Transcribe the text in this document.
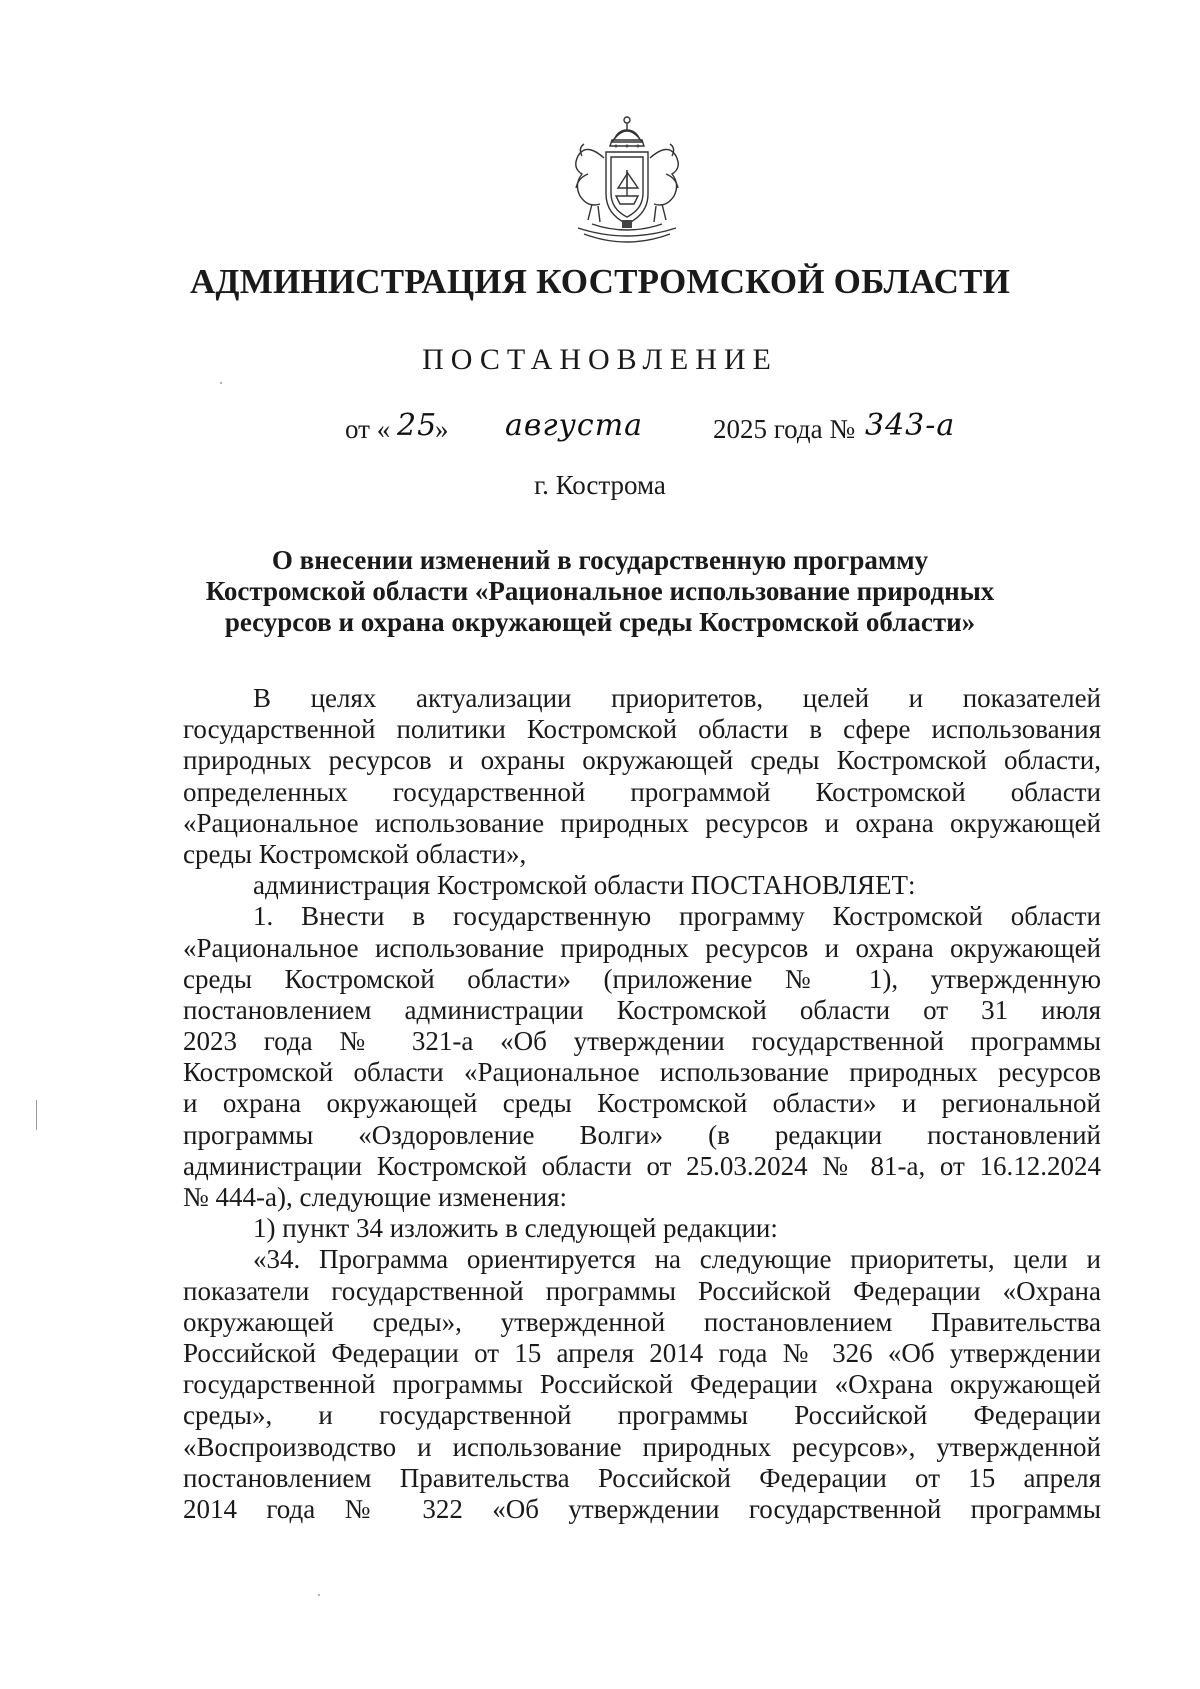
АДМИНИСТРАЦИЯ КОСТРОМСКОЙ ОБЛАСТИ
ПОСТАНОВЛЕНИЕ
от « 25
» августа	2025 года № 343-а
г. Кострома
О внесении изменений в государственную программу
Костромской области «Рациональное использование природных
ресурсов и охрана окружающей среды Костромской области»
В целях актуализации приоритетов, целей и показателей
государственной политики Костромской области в сфере использования
природных ресурсов и охраны окружающей среды Костромской области,
определенных государственной программой Костромской области
«Рациональное использование природных ресурсов и охрана окружающей
среды Костромской области»,
администрация Костромской области ПОСТАНОВЛЯЕТ:
1. Внести в государственную программу Костромской области
«Рациональное использование природных ресурсов и охрана окружающей
среды Костромской области» (приложение № 1), утвержденную
постановлением администрации Костромской области от 31 июля
2023 года № 321-а «Об утверждении государственной программы
Костромской области «Рациональное использование природных ресурсов
и охрана окружающей среды Костромской области» и региональной
программы «Оздоровление Волги» (в редакции постановлений
администрации Костромской области от 25.03.2024 № 81-а, от 16.12.2024
№ 444-а), следующие изменения:
1) пункт 34 изложить в следующей редакции:
«34. Программа ориентируется на следующие приоритеты, цели и
показатели государственной программы Российской Федерации «Охрана
окружающей среды», утвержденной постановлением Правительства
Российской Федерации от 15 апреля 2014 года № 326 «Об утверждении
государственной программы Российской Федерации «Охрана окружающей
среды», и государственной программы Российской Федерации
«Воспроизводство и использование природных ресурсов», утвержденной
постановлением Правительства Российской Федерации от 15 апреля
2014 года № 322 «Об утверждении государственной программы
